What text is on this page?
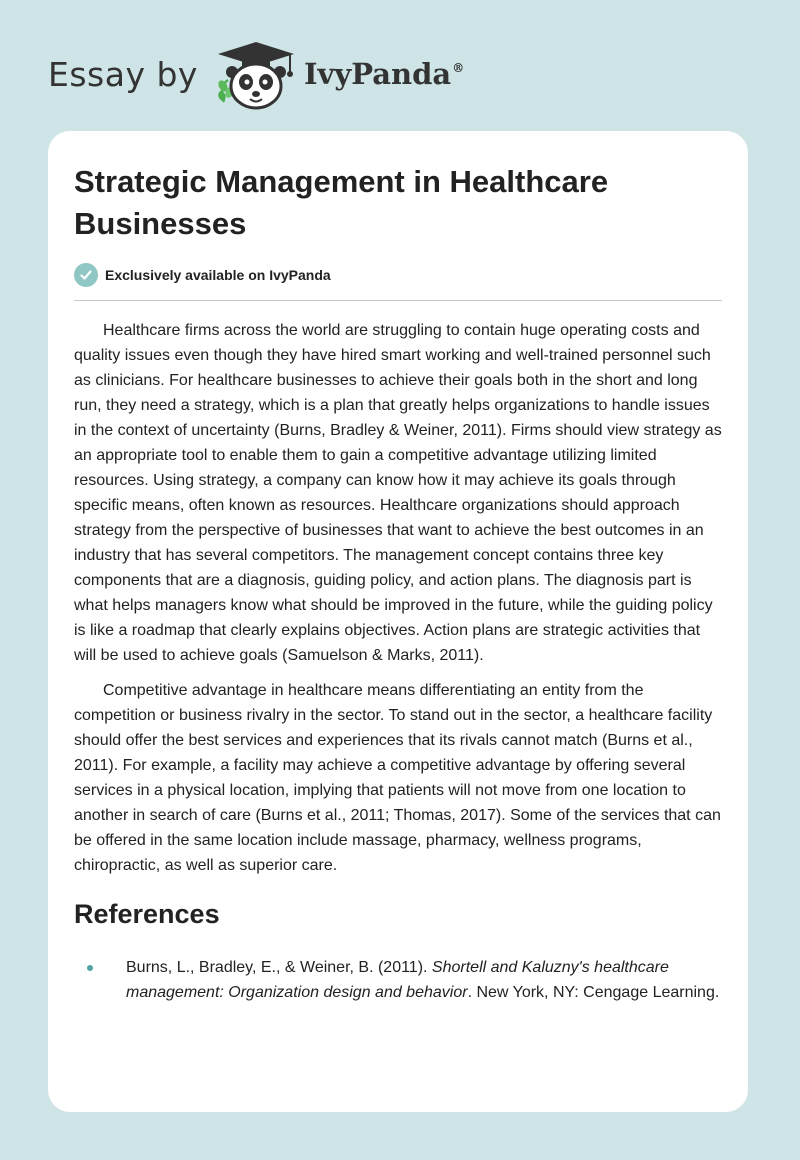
Essay by	IvyPanda®
Strategic Management in Healthcare Businesses
Exclusively available on IvyPanda

Healthcare firms across the world are struggling to contain huge operating costs and quality issues even though they have hired smart working and well-trained personnel such as clinicians. For healthcare businesses to achieve their goals both in the short and long run, they need a strategy, which is a plan that greatly helps organizations to handle issues in the context of uncertainty (Burns, Bradley & Weiner, 2011). Firms should view strategy as an appropriate tool to enable them to gain a competitive advantage utilizing limited resources. Using strategy, a company can know how it may achieve its goals through specific means, often known as resources. Healthcare organizations should approach strategy from the perspective of businesses that want to achieve the best outcomes in an industry that has several competitors. The management concept contains three key components that are a diagnosis, guiding policy, and action plans. The diagnosis part is what helps managers know what should be improved in the future, while the guiding policy is like a roadmap that clearly explains objectives. Action plans are strategic activities that will be used to achieve goals (Samuelson & Marks, 2011).

Competitive advantage in healthcare means differentiating an entity from the competition or business rivalry in the sector. To stand out in the sector, a healthcare facility should offer the best services and experiences that its rivals cannot match (Burns et al., 2011). For example, a facility may achieve a competitive advantage by offering several services in a physical location, implying that patients will not move from one location to another in search of care (Burns et al., 2011; Thomas, 2017). Some of the services that can be offered in the same location include massage, pharmacy, wellness programs, chiropractic, as well as superior care.

References
Burns, L., Bradley, E., & Weiner, B. (2011). Shortell and Kaluzny's healthcare management: Organization design and behavior. New York, NY: Cengage Learning.
